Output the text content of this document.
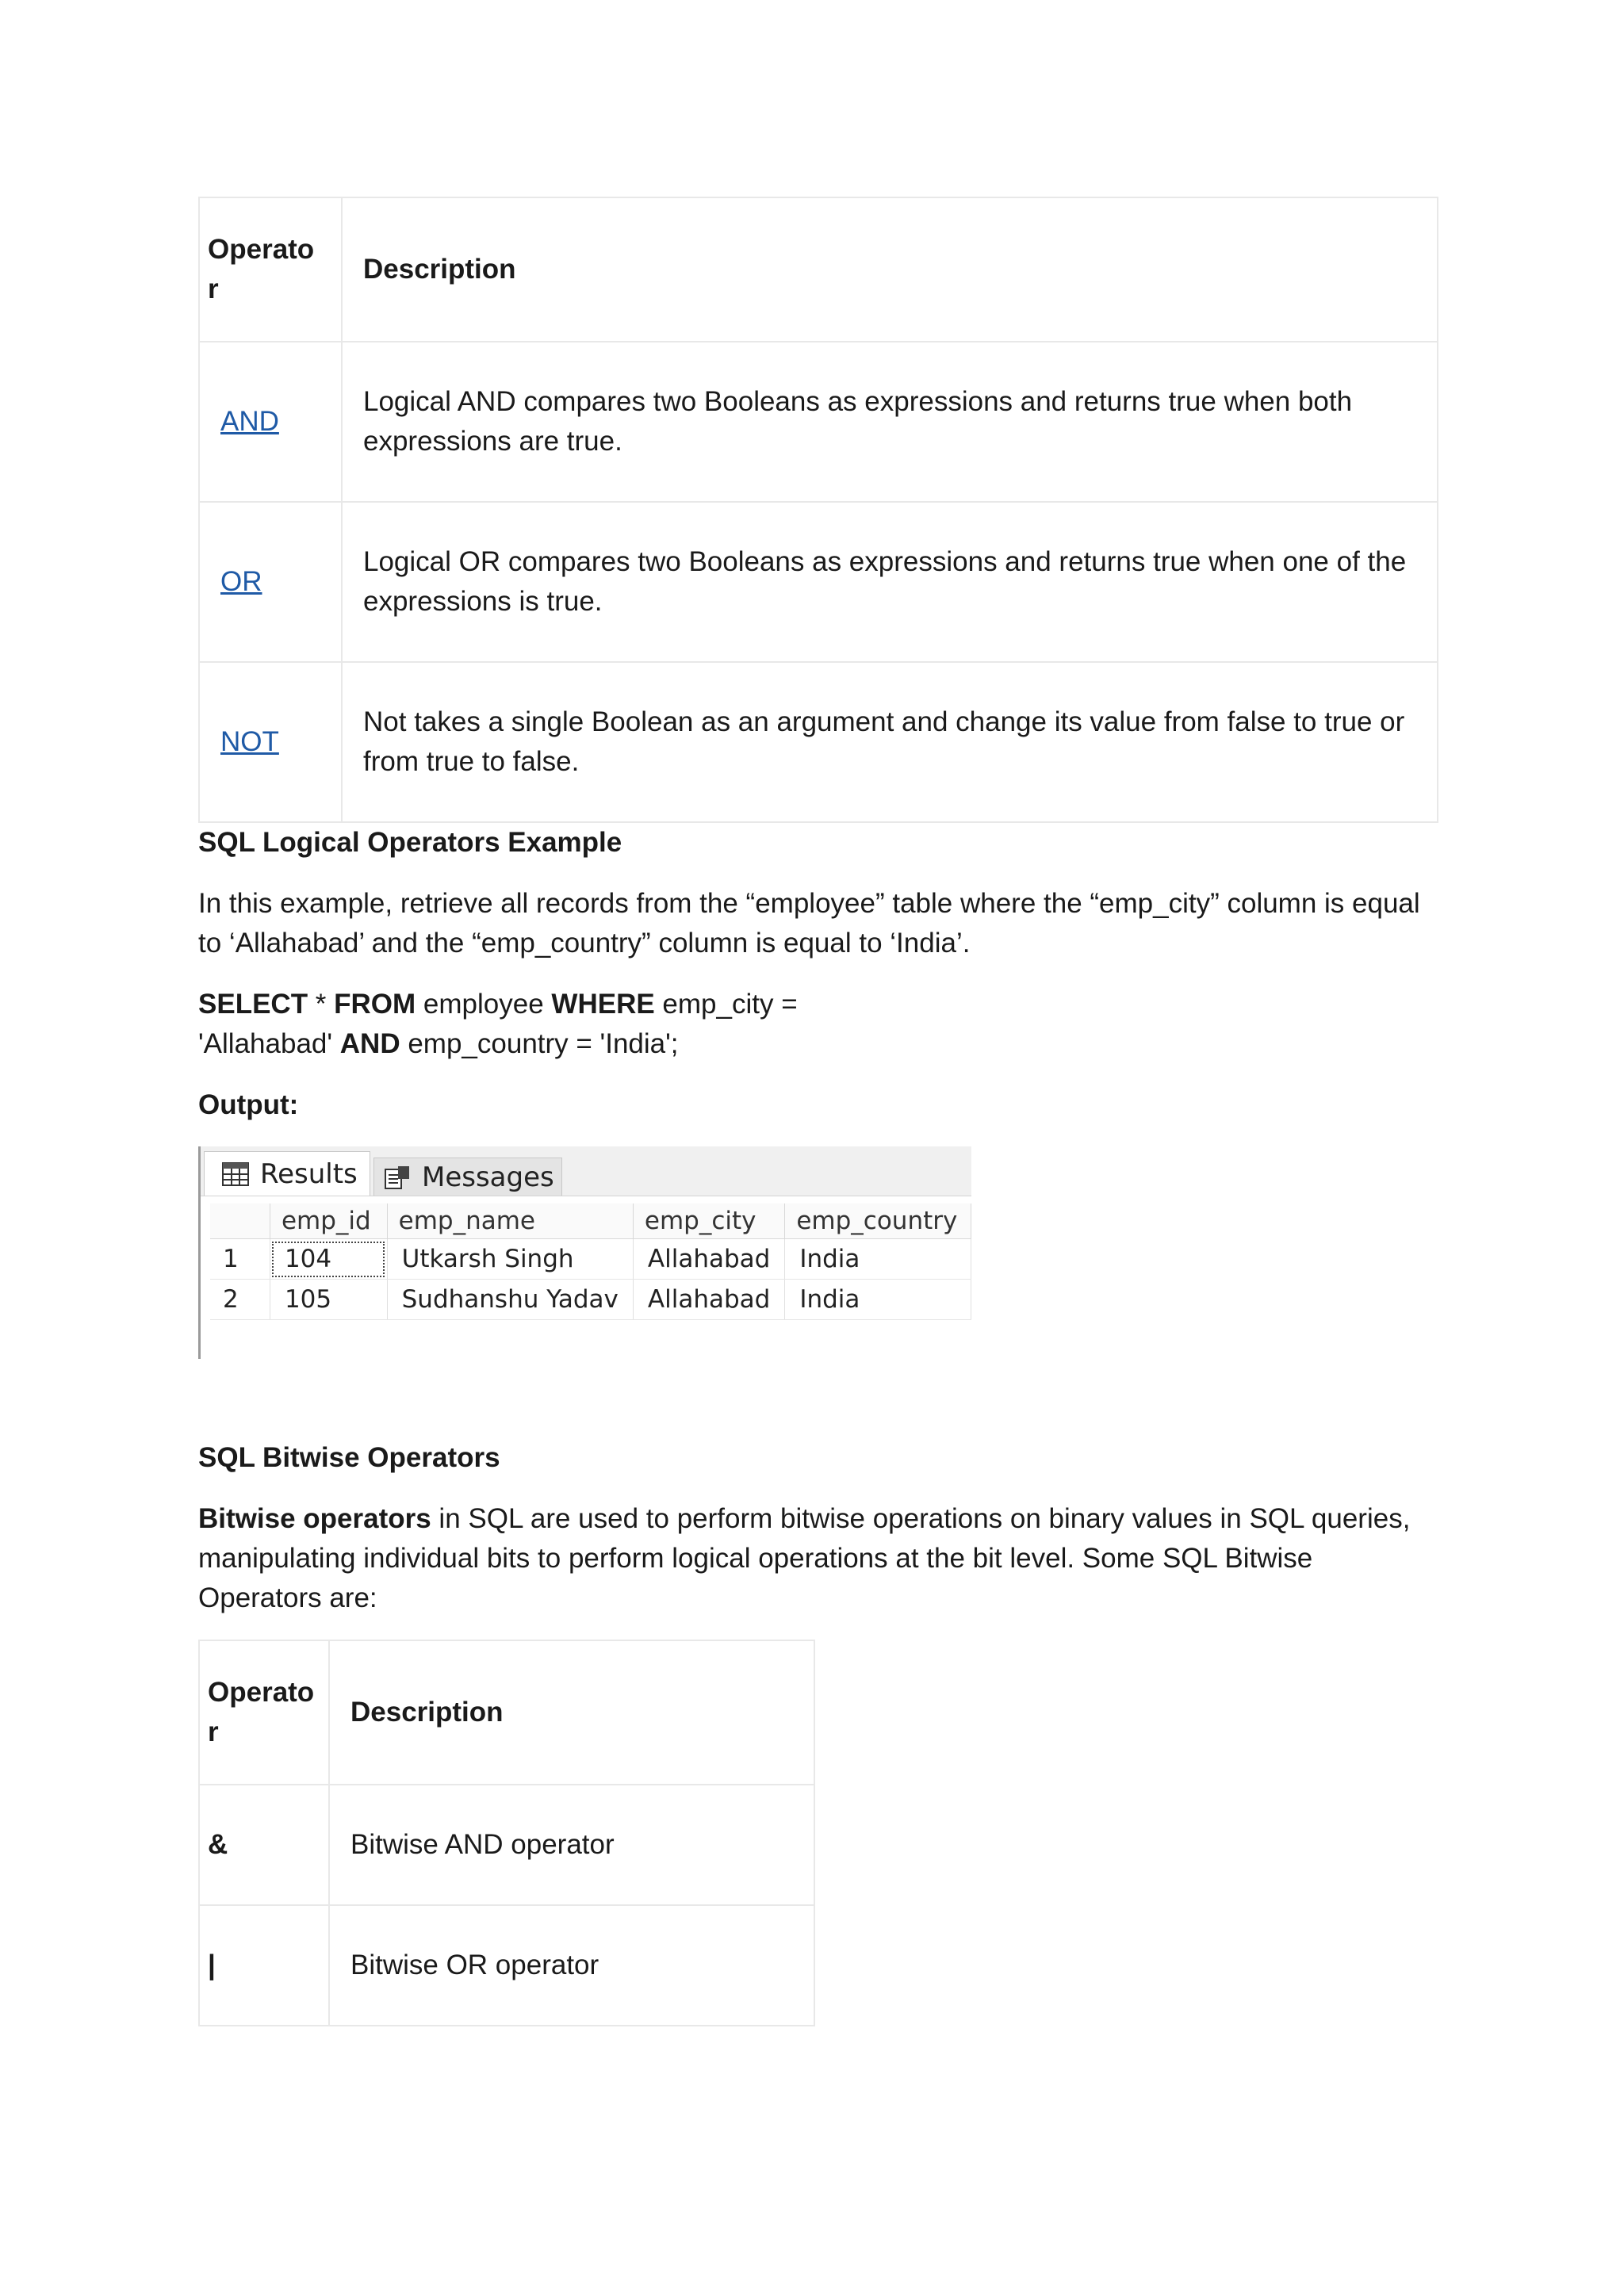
Operato
r	Description
AND	Logical AND compares two Booleans as expressions and returns true when both expressions are true.
OR	Logical OR compares two Booleans as expressions and returns true when one of the expressions is true.
NOT	Not takes a single Boolean as an argument and change its value from false to true or from true to false.

SQL Logical Operators Example

In this example, retrieve all records from the “employee” table where the “emp_city” column is equal to ‘Allahabad’ and the “emp_country” column is equal to ‘India’.

SELECT * FROM employee WHERE emp_city =
'Allahabad' AND emp_country = 'India';

Output:

Results Messages
	emp_id	emp_name	emp_city	emp_country
1	104	Utkarsh Singh	Allahabad	India
2	105	Sudhanshu Yadav	Allahabad	India

SQL Bitwise Operators

Bitwise operators in SQL are used to perform bitwise operations on binary values in SQL queries, manipulating individual bits to perform logical operations at the bit level. Some SQL Bitwise Operators are:

Operato
r	Description
&	Bitwise AND operator
|	Bitwise OR operator
